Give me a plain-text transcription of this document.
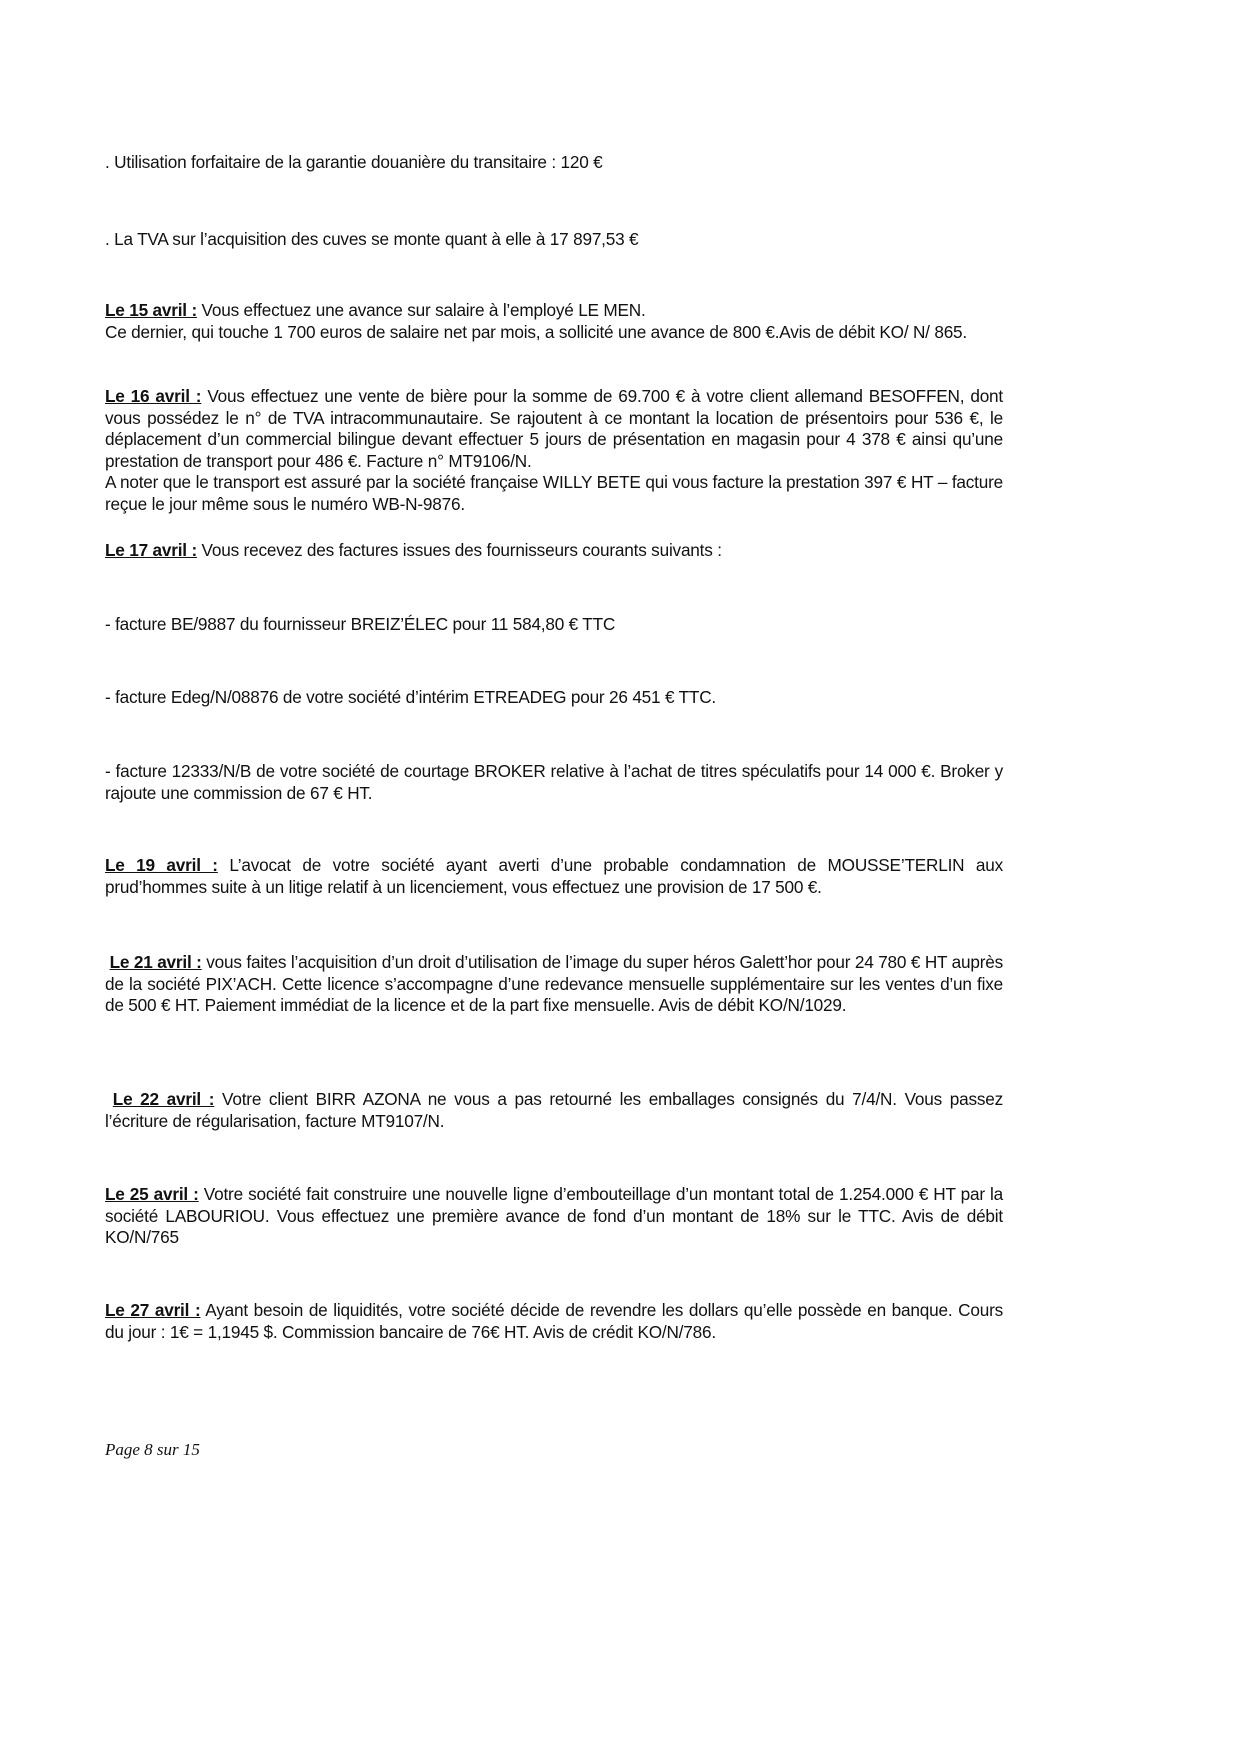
. Utilisation forfaitaire de la garantie douanière du transitaire : 120 €

. La TVA sur l’acquisition des cuves se monte quant à elle à 17 897,53 €

Le 15 avril : Vous effectuez une avance sur salaire à l’employé LE MEN.

Ce dernier, qui touche 1 700 euros de salaire net par mois, a sollicité une avance de 800 €.Avis de débit KO/ N/ 865.

Le 16 avril : Vous effectuez une vente de bière pour la somme de 69.700 € à votre client allemand BESOFFEN, dont vous possédez le n° de TVA intracommunautaire. Se rajoutent à ce montant la location de présentoirs pour 536 €, le déplacement d’un commercial bilingue devant effectuer 5 jours de présentation en magasin pour 4 378 € ainsi qu’une prestation de transport pour 486 €. Facture n° MT9106/N.

A noter que le transport est assuré par la société française WILLY BETE qui vous facture la prestation 397 € HT – facture reçue le jour même sous le numéro WB-N-9876.

Le 17 avril : Vous recevez des factures issues des fournisseurs courants suivants :

- facture BE/9887 du fournisseur BREIZ’ÉLEC pour 11 584,80 € TTC

- facture Edeg/N/08876 de votre société d’intérim ETREADEG pour 26 451 € TTC.

- facture 12333/N/B de votre société de courtage BROKER relative à l’achat de titres spéculatifs pour 14 000 €. Broker y rajoute une commission de 67 € HT.

Le 19 avril : L’avocat de votre société ayant averti d’une probable condamnation de MOUSSE’TERLIN aux prud’hommes suite à un litige relatif à un licenciement, vous effectuez une provision de 17 500 €.

Le 21 avril : vous faites l’acquisition d’un droit d’utilisation de l’image du super héros Galett’hor pour 24 780 € HT auprès de la société PIX’ACH. Cette licence s’accompagne d’une redevance mensuelle supplémentaire sur les ventes d’un fixe de 500 € HT. Paiement immédiat de la licence et de la part fixe mensuelle. Avis de débit KO/N/1029.

Le 22 avril : Votre client BIRR AZONA ne vous a pas retourné les emballages consignés du 7/4/N. Vous passez l’écriture de régularisation, facture MT9107/N.

Le 25 avril : Votre société fait construire une nouvelle ligne d’embouteillage d’un montant total de 1.254.000 € HT par la société LABOURIOU. Vous effectuez une première avance de fond d’un montant de 18% sur le TTC. Avis de débit KO/N/765

Le 27 avril : Ayant besoin de liquidités, votre société décide de revendre les dollars qu’elle possède en banque. Cours du jour : 1€ = 1,1945 $. Commission bancaire de 76€ HT. Avis de crédit KO/N/786.

Page 8 sur 15
